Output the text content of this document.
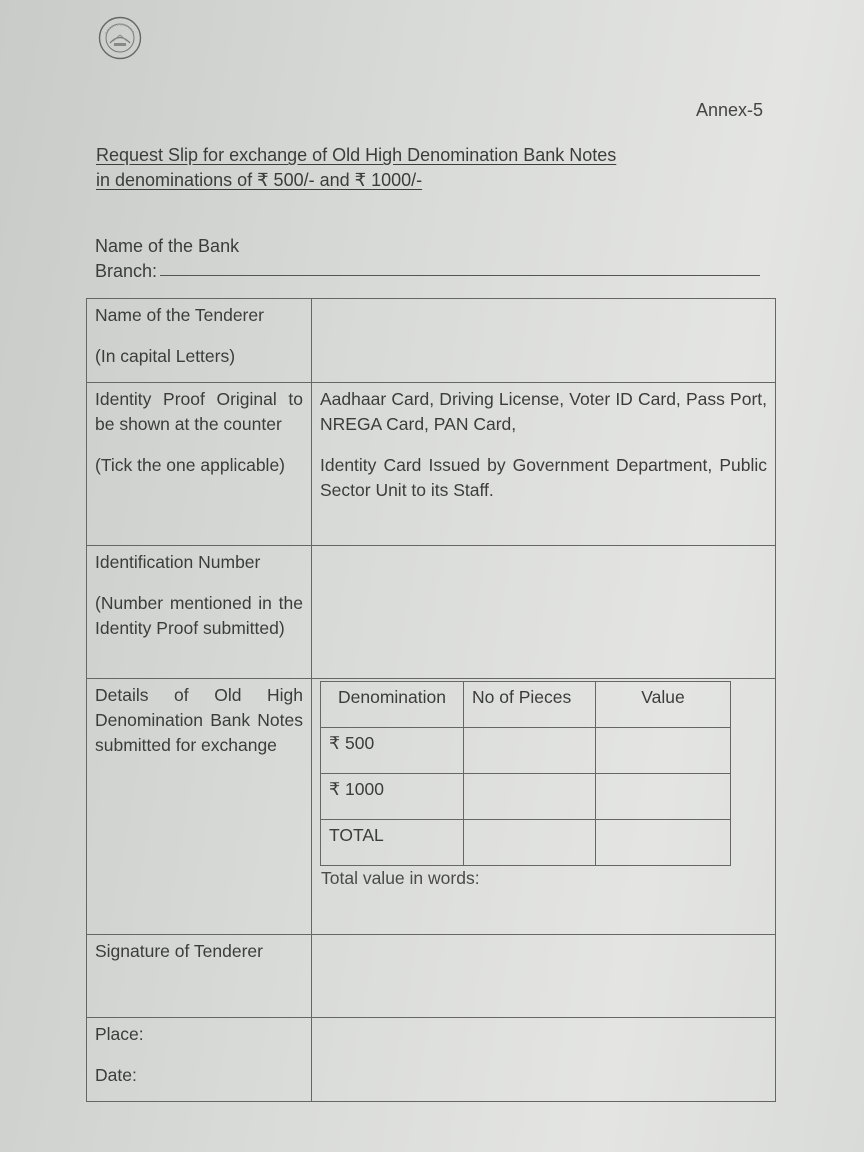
Annex-5
Request Slip for exchange of Old High Denomination Bank Notes
in denominations of ₹ 500/- and ₹ 1000/-
Name of the Bank
Branch:
Name of the Tenderer
(In capital Letters)

Identity Proof Original to be shown at the counter
(Tick the one applicable)

Aadhaar Card, Driving License, Voter ID Card, Pass Port, NREGA Card, PAN Card,
Identity Card Issued by Government Department, Public Sector Unit to its Staff.

Identification Number
(Number mentioned in the Identity Proof submitted)

Details of Old High Denomination Bank Notes submitted for exchange

Denomination	No of Pieces	Value
₹ 500		
₹ 1000		
TOTAL		
Total value in words:

Signature of Tenderer

Place:
Date:
